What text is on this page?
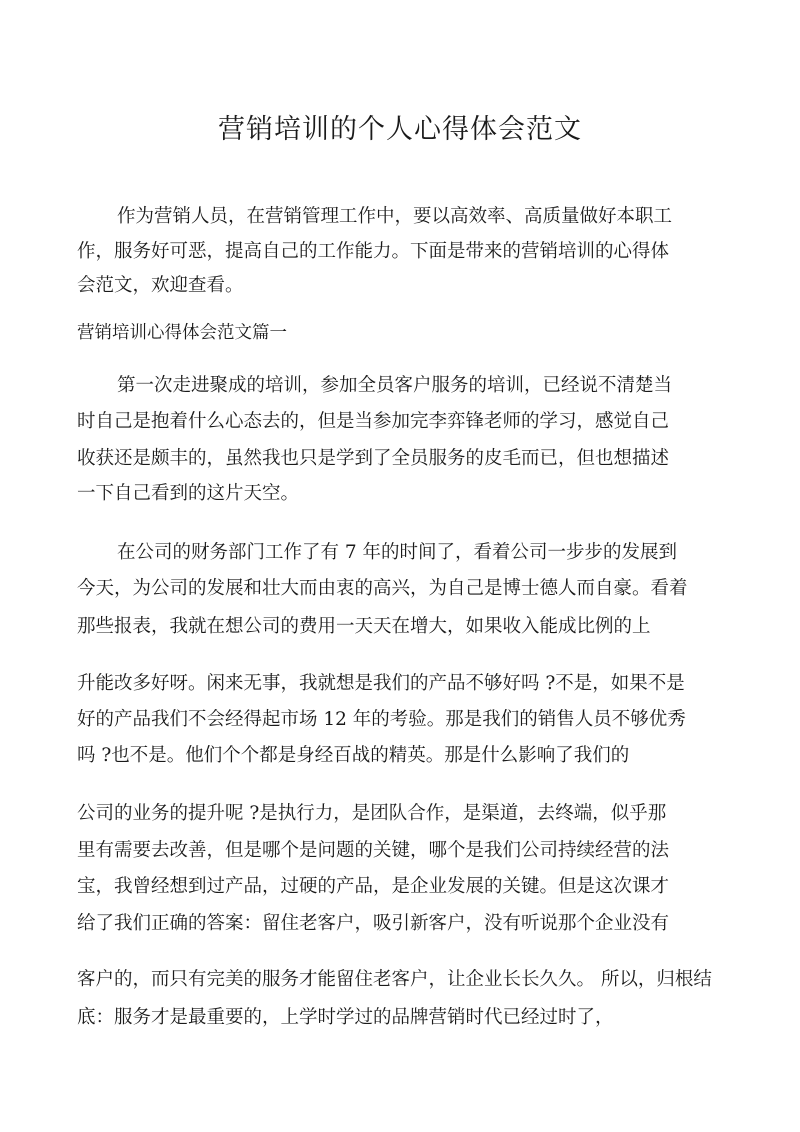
营销培训的个人心得体会范文

作为营销人员，在营销管理工作中，要以高效率、高质量做好本职工

作，服务好可恶，提高自己的工作能力。下面是带来的营销培训的心得体

会范文，欢迎查看。

营销培训心得体会范文篇一

第一次走进聚成的培训，参加全员客户服务的培训，已经说不清楚当

时自己是抱着什么心态去的，但是当参加完李弈锋老师的学习，感觉自己

收获还是颇丰的，虽然我也只是学到了全员服务的皮毛而已，但也想描述

一下自己看到的这片天空。

在公司的财务部门工作了有 7 年的时间了，看着公司一步步的发展到

今天，为公司的发展和壮大而由衷的高兴，为自己是博士德人而自豪。看着

那些报表，我就在想公司的费用一天天在增大，如果收入能成比例的上

升能改多好呀。闲来无事，我就想是我们的产品不够好吗 ?不是，如果不是

好的产品我们不会经得起市场 12 年的考验。那是我们的销售人员不够优秀

吗 ?也不是。他们个个都是身经百战的精英。那是什么影响了我们的

公司的业务的提升呢 ?是执行力，是团队合作，是渠道，去终端，似乎那

里有需要去改善，但是哪个是问题的关键，哪个是我们公司持续经营的法

宝，我曾经想到过产品，过硬的产品，是企业发展的关键。但是这次课才

给了我们正确的答案：留住老客户，吸引新客户，没有听说那个企业没有

客户的，而只有完美的服务才能留住老客户，让企业长长久久。 所以，归根结

底：服务才是最重要的，上学时学过的品牌营销时代已经过时了，
